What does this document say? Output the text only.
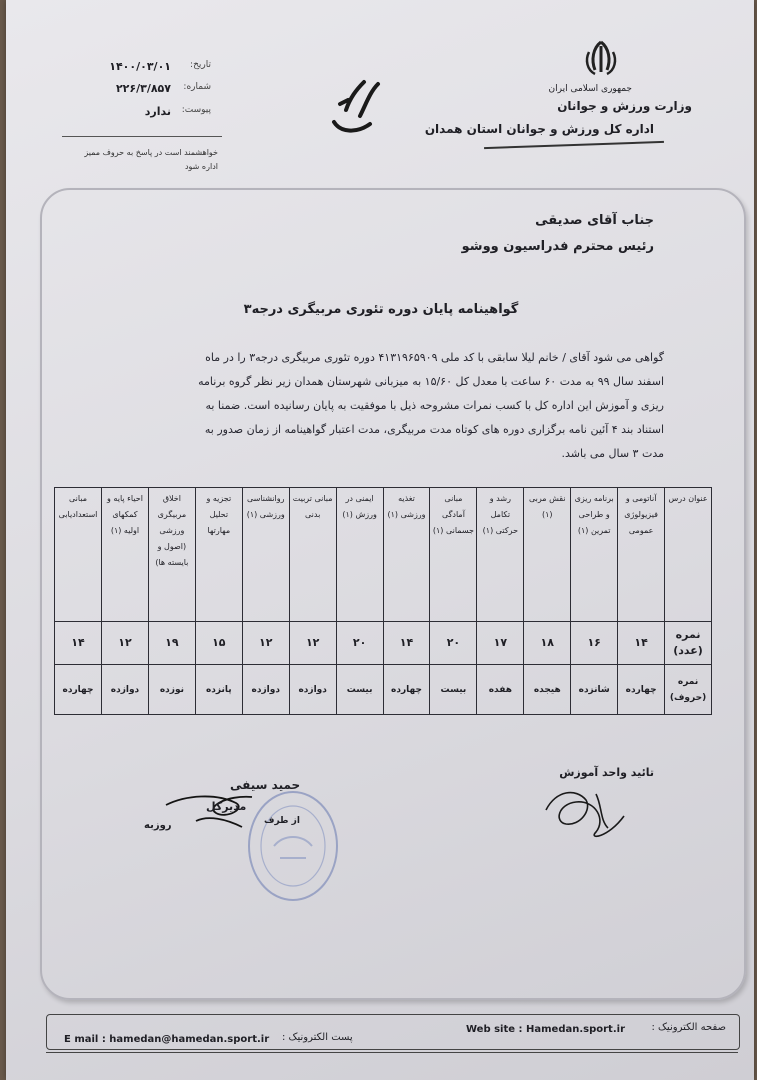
جمهوری اسلامی ایران
وزارت ورزش و جوانان
اداره کل ورزش و جوانان استان همدان
تبعه تعالی
تاریخ:
۱۴۰۰/۰۳/۰۱
شماره:
۲۲۶/۳/۸۵۷
پیوست:
ندارد
خواهشمند است در پاسخ به حروف ممیز اداره شود
جناب آقای صدیقی
رئیس محترم فدراسیون ووشو
گواهینامه پایان دوره تئوری مربیگری درجه۳
گواهی می شود آقای / خانم لیلا سابقی با کد ملی ۴۱۳۱۹۶۵۹۰۹ دوره تئوری مربیگری درجه۳ را در ماه
اسفند سال ۹۹ به مدت ۶۰ ساعت با معدل کل ۱۵/۶۰ به میزبانی شهرستان همدان زیر نظر گروه برنامه
ریزی و آموزش این اداره کل با کسب نمرات مشروحه ذیل با موفقیت به پایان رسانیده است. ضمنا به
استناد بند ۴ آئین نامه برگزاری دوره های کوتاه مدت مربیگری، مدت اعتبار گواهینامه از زمان صدور به
مدت ۳ سال می باشد.
عنوان درس	آناتومی و فیزیولوژی عمومی	برنامه ریزی و طراحی تمرین (۱)	نقش مربی (۱)	رشد و تکامل حرکتی (۱)	مبانی آمادگی جسمانی (۱)	تغذیه ورزشی (۱)	ایمنی در ورزش (۱)	مبانی تربیت بدنی	روانشناسی ورزشی (۱)	تجزیه و تحلیل مهارتها	اخلاق مربیگری ورزشی (اصول و بایسته ها)	احیاء پایه و کمکهای اولیه (۱)	مبانی استعدادیابی
نمره (عدد)	۱۴	۱۶	۱۸	۱۷	۲۰	۱۴	۲۰	۱۲	۱۲	۱۵	۱۹	۱۲	۱۴
نمره (حروف)	چهارده	شانزده	هیجده	هفده	بیست	چهارده	بیست	دوازده	دوازده	پانزده	نوزده	دوازده	چهارده
تائید واحد آموزش
حمید سیفی
مدیرکل
از طرف
روزبه
صفحه الکترونیک :
Web site : Hamedan.sport.ir
پست الکترونیک :
E mail : hamedan@hamedan.sport.ir
